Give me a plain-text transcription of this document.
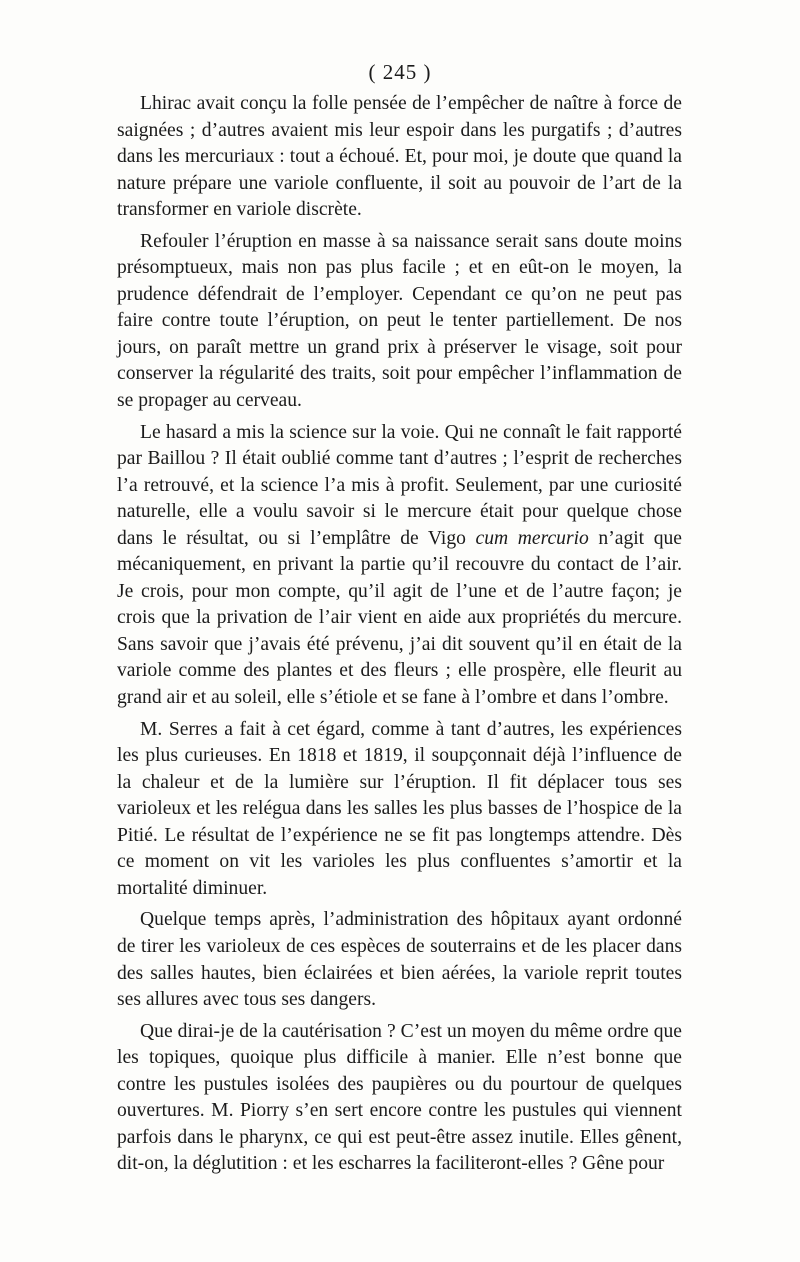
( 245 )

Lhirac avait conçu la folle pensée de l’empêcher de naître à force de saignées ; d’autres avaient mis leur espoir dans les purgatifs ; d’autres dans les mercuriaux : tout a échoué. Et, pour moi, je doute que quand la nature prépare une variole confluente, il soit au pouvoir de l’art de la transformer en variole discrète.

Refouler l’éruption en masse à sa naissance serait sans doute moins présomptueux, mais non pas plus facile ; et en eût-on le moyen, la prudence défendrait de l’employer. Cependant ce qu’on ne peut pas faire contre toute l’éruption, on peut le tenter partiellement. De nos jours, on paraît mettre un grand prix à préserver le visage, soit pour conserver la régularité des traits, soit pour empêcher l’inflammation de se propager au cerveau.

Le hasard a mis la science sur la voie. Qui ne connaît le fait rapporté par Baillou ? Il était oublié comme tant d’autres ; l’esprit de recherches l’a retrouvé, et la science l’a mis à profit. Seulement, par une curiosité naturelle, elle a voulu savoir si le mercure était pour quelque chose dans le résultat, ou si l’emplâtre de Vigo cum mercurio n’agit que mécaniquement, en privant la partie qu’il recouvre du contact de l’air. Je crois, pour mon compte, qu’il agit de l’une et de l’autre façon; je crois que la privation de l’air vient en aide aux propriétés du mercure. Sans savoir que j’avais été prévenu, j’ai dit souvent qu’il en était de la variole comme des plantes et des fleurs ; elle prospère, elle fleurit au grand air et au soleil, elle s’étiole et se fane à l’ombre et dans l’ombre.

M. Serres a fait à cet égard, comme à tant d’autres, les expériences les plus curieuses. En 1818 et 1819, il soupçonnait déjà l’influence de la chaleur et de la lumière sur l’éruption. Il fit déplacer tous ses varioleux et les relégua dans les salles les plus basses de l’hospice de la Pitié. Le résultat de l’expérience ne se fit pas longtemps attendre. Dès ce moment on vit les varioles les plus confluentes s’amortir et la mortalité diminuer.

Quelque temps après, l’administration des hôpitaux ayant ordonné de tirer les varioleux de ces espèces de souterrains et de les placer dans des salles hautes, bien éclairées et bien aérées, la variole reprit toutes ses allures avec tous ses dangers.

Que dirai-je de la cautérisation ? C’est un moyen du même ordre que les topiques, quoique plus difficile à manier. Elle n’est bonne que contre les pustules isolées des paupières ou du pourtour de quelques ouvertures. M. Piorry s’en sert encore contre les pustules qui viennent parfois dans le pharynx, ce qui est peut-être assez inutile. Elles gênent, dit-on, la déglutition : et les escharres la faciliteront-elles ? Gêne pour
